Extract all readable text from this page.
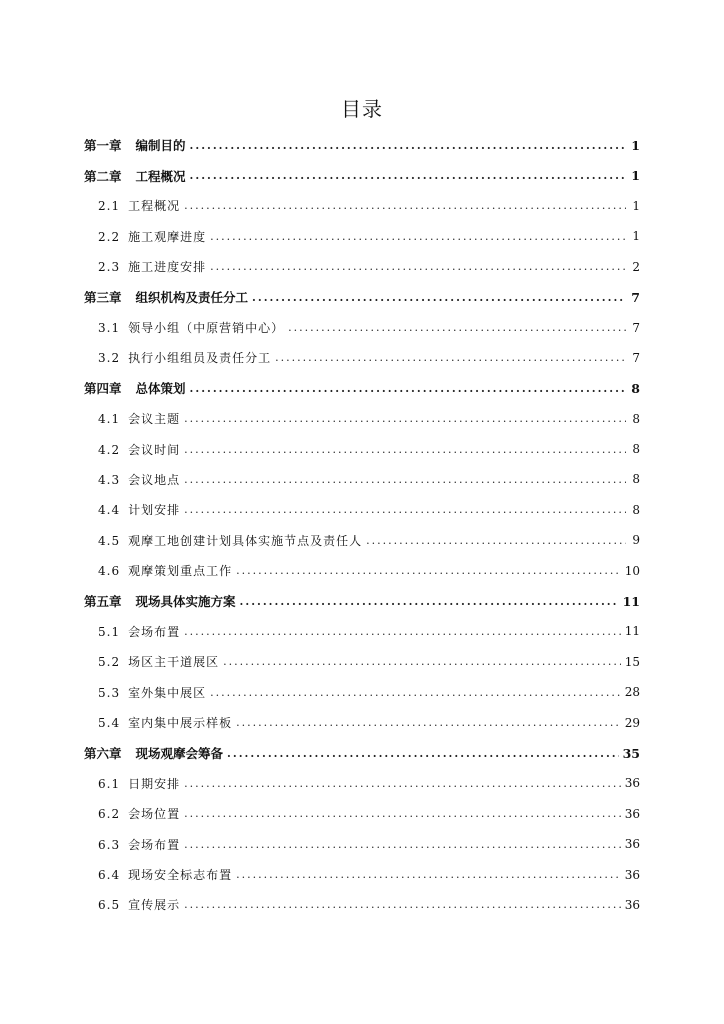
目录
第一章 编制目的 .....	1
第二章 工程概况 .....	1
2.1 工程概况 .....	1
2.2 施工观摩进度 .....	1
2.3 施工进度安排 .....	2
第三章 组织机构及责任分工 .....	7
3.1 领导小组（中原营销中心） .....	7
3.2 执行小组组员及责任分工 .....	7
第四章 总体策划 .....	8
4.1 会议主题 .....	8
4.2 会议时间 .....	8
4.3 会议地点 .....	8
4.4 计划安排 .....	8
4.5 观摩工地创建计划具体实施节点及责任人 .....	9
4.6 观摩策划重点工作 .....	10
第五章 现场具体实施方案 .....	11
5.1 会场布置 .....	11
5.2 场区主干道展区 .....	15
5.3 室外集中展区 .....	28
5.4 室内集中展示样板 .....	29
第六章 现场观摩会筹备 .....	35
6.1 日期安排 .....	36
6.2 会场位置 .....	36
6.3 会场布置 .....	36
6.4 现场安全标志布置 .....	36
6.5 宣传展示 .....	36
